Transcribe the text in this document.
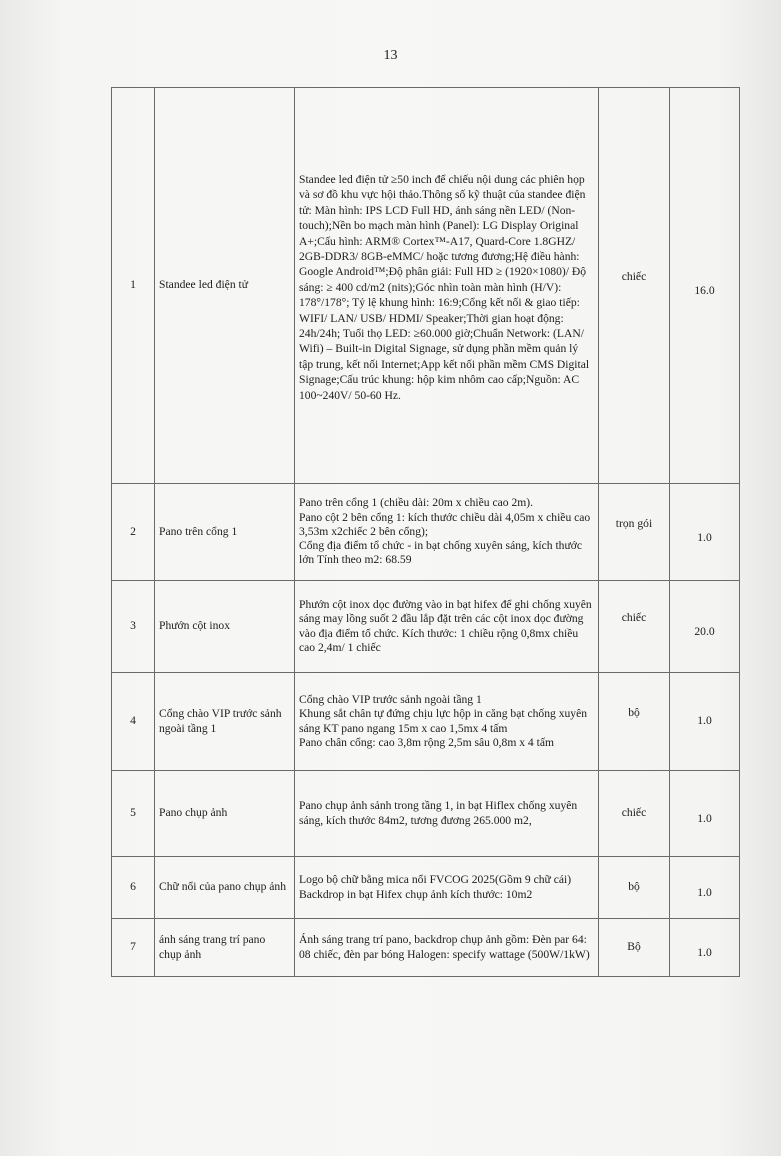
13
1	Standee led điện tử	Standee led điện tử ≥50 inch để chiếu nội dung các phiên họp và sơ đồ khu vực hội thảo.Thông số kỹ thuật của standee điện tử: Màn hình: IPS LCD Full HD, ánh sáng nền LED/ (Non-touch);Nền bo mạch màn hình (Panel): LG Display Original A+;Cấu hình: ARM® Cortex™-A17, Quard-Core 1.8GHZ/ 2GB-DDR3/ 8GB-eMMC/ hoặc tương đương;Hệ điều hành: Google Android™;Độ phân giải: Full HD ≥ (1920×1080)/ Độ sáng: ≥ 400 cd/m2 (nits);Góc nhìn toàn màn hình (H/V): 178°/178°; Tỷ lệ khung hình: 16:9;Cổng kết nối & giao tiếp: WIFI/ LAN/ USB/ HDMI/ Speaker;Thời gian hoạt động: 24h/24h; Tuổi thọ LED: ≥60.000 giờ;Chuẩn Network: (LAN/ Wifi) – Built-in Digital Signage, sử dụng phần mềm quản lý tập trung, kết nối Internet;App kết nối phần mềm CMS Digital Signage;Cấu trúc khung: hộp kim nhôm cao cấp;Nguồn: AC 100~240V/ 50-60 Hz.	chiếc	16.0
2	Pano trên cổng 1	Pano trên cổng 1 (chiều dài: 20m x chiều cao 2m).
Pano cột 2 bên cổng 1: kích thước chiều dài 4,05m x chiều cao 3,53m x2chiếc 2 bên cổng);
Cổng địa điểm tổ chức - in bạt chống xuyên sáng, kích thước lớn Tính theo m2: 68.59	trọn gói	1.0
3	Phướn cột inox	Phướn cột inox dọc đường vào in bạt hifex để ghi chống xuyên sáng may lồng suốt 2 đầu lắp đặt trên các cột inox dọc đường vào địa điểm tổ chức. Kích thước: 1 chiều rộng 0,8mx chiều cao 2,4m/ 1 chiếc	chiếc	20.0
4	Cổng chào VIP trước sảnh ngoài tầng 1	Cổng chào VIP trước sảnh ngoài tầng 1
Khung sắt chân tự đứng chịu lực hộp in căng bạt chống xuyên sáng KT pano ngang 15m x cao 1,5mx 4 tấm
Pano chân cổng: cao 3,8m rộng 2,5m sâu 0,8m x 4 tấm	bộ	1.0
5	Pano chụp ảnh	Pano chụp ảnh sảnh trong tầng 1, in bạt Hiflex chống xuyên sáng, kích thước 84m2, tương đương 265.000 m2,	chiếc	1.0
6	Chữ nổi của pano chụp ảnh	Logo bộ chữ bằng mica nổi FVCOG 2025(Gồm 9 chữ cái) Backdrop in bạt Hifex chụp ảnh kích thước: 10m2	bộ	1.0
7	ánh sáng trang trí pano chụp ảnh	Ánh sáng trang trí pano, backdrop chụp ảnh gồm: Đèn par 64: 08 chiếc, đèn par bóng Halogen: specify wattage (500W/1kW)	Bộ	1.0
